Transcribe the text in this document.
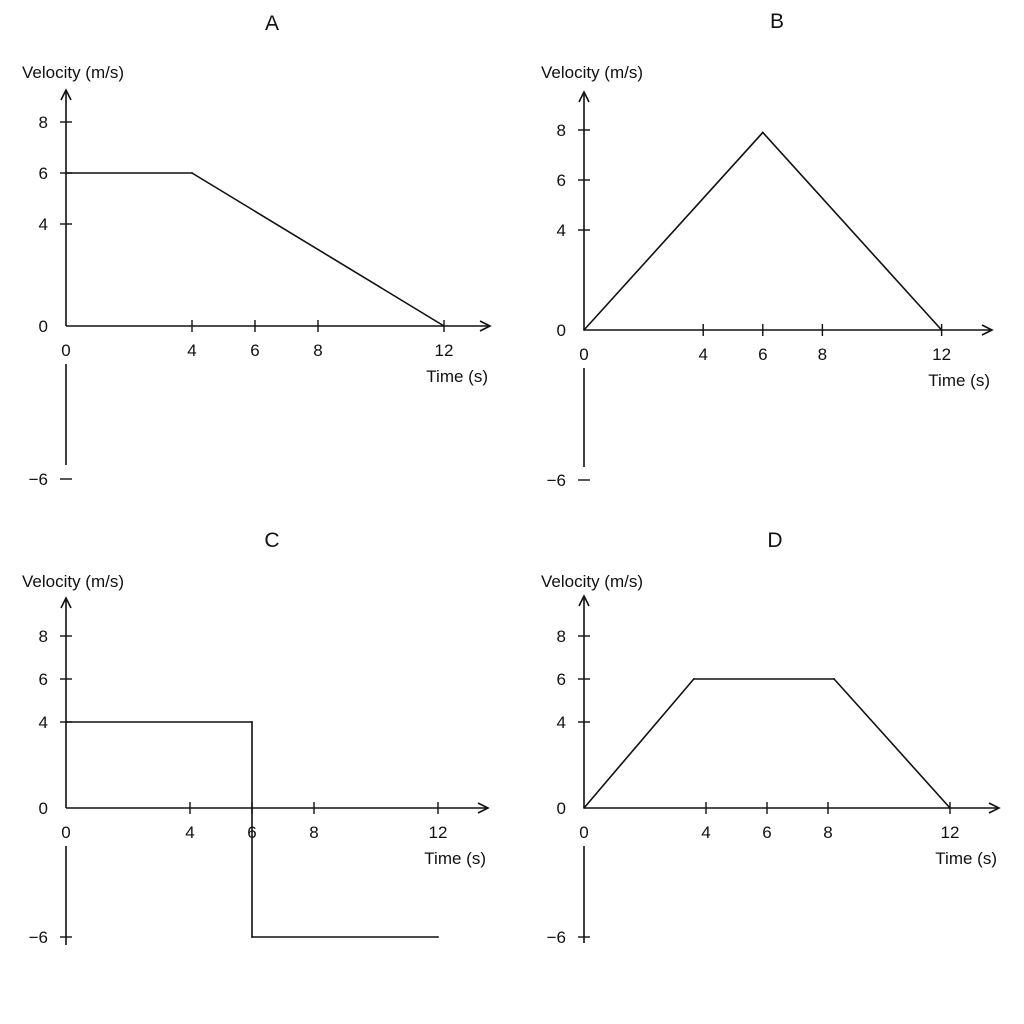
A
Velocity (m/s)
Time (s)
0	4	6	8	12
−6
0
4
6
8
B
Velocity (m/s)
Time (s)
0	4	6	8	12
−6
0
4
6
8
C
Velocity (m/s)
Time (s)
0	4	6	8	12
−6
0
4
6
8
D
Velocity (m/s)
Time (s)
0	4	6	8	12
−6
0
4
6
8
